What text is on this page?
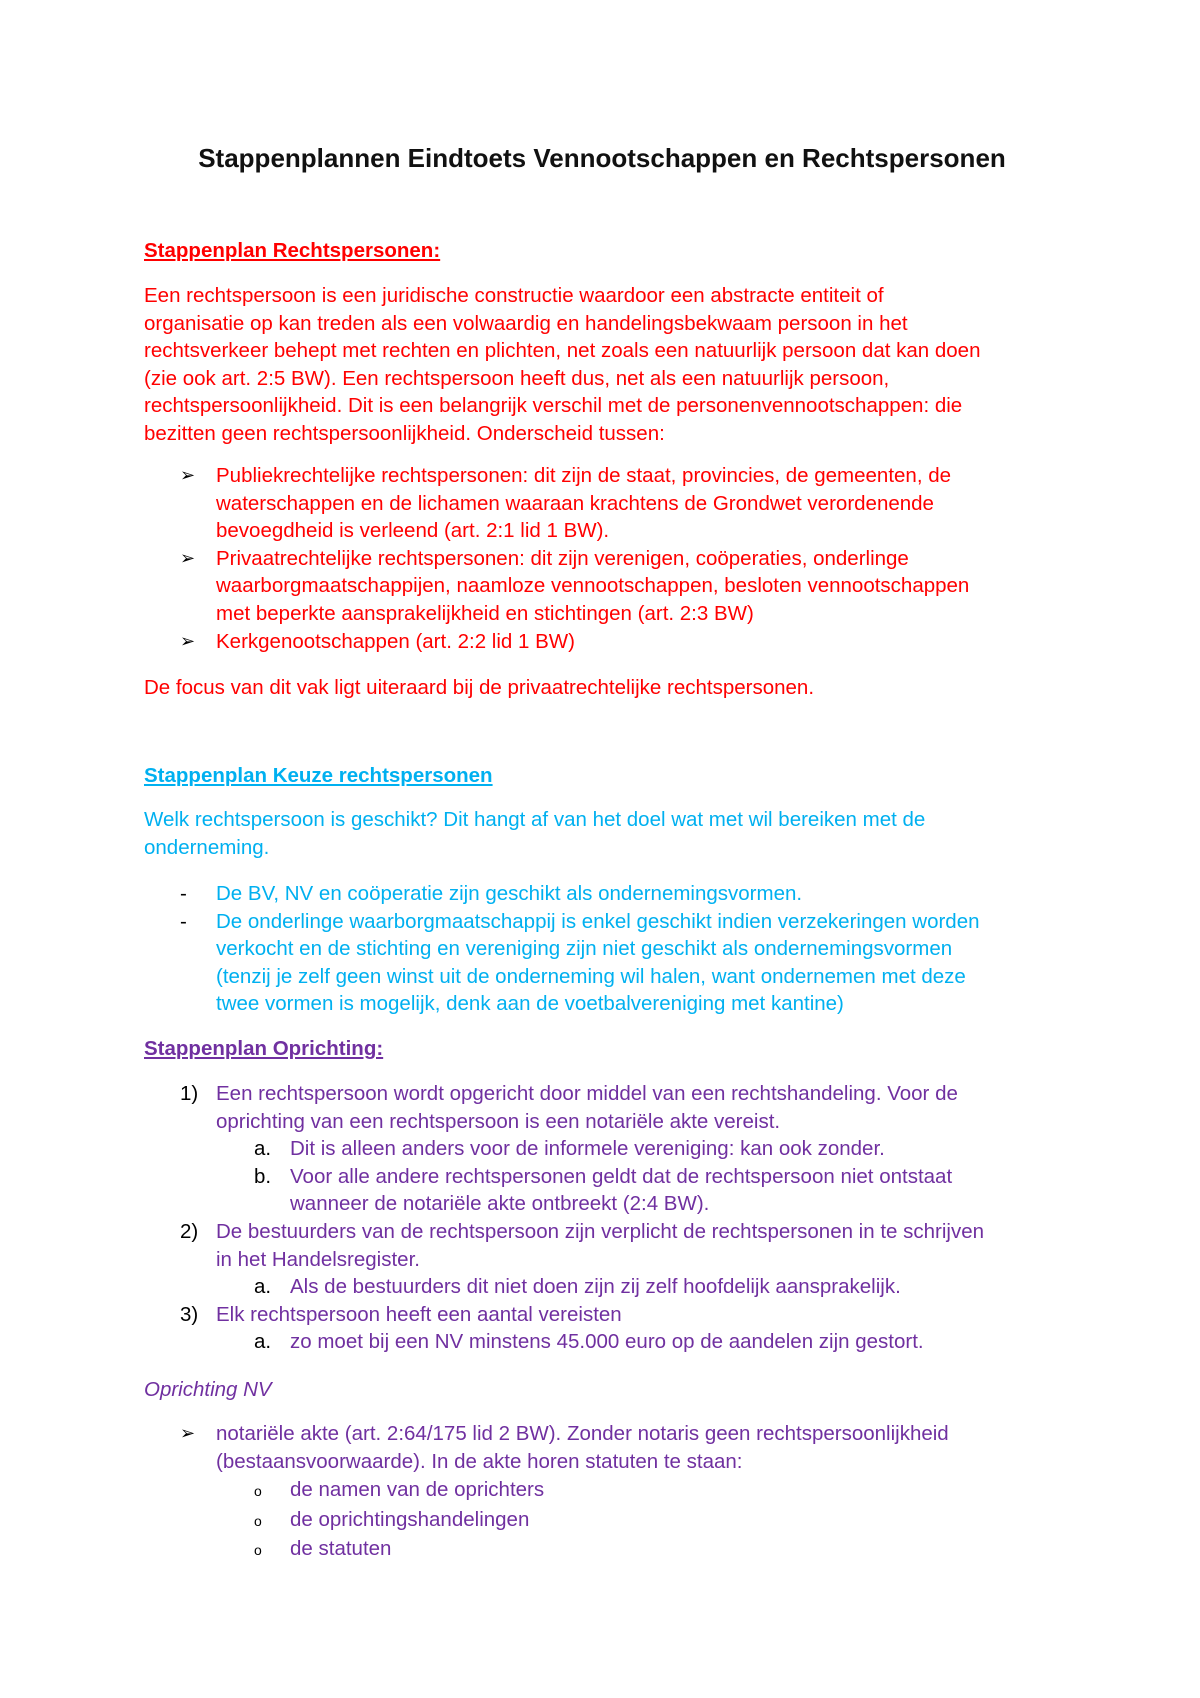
Stappenplannen Eindtoets Vennootschappen en Rechtspersonen

Stappenplan Rechtspersonen:

Een rechtspersoon is een juridische constructie waardoor een abstracte entiteit of

organisatie op kan treden als een volwaardig en handelingsbekwaam persoon in het

rechtsverkeer behept met rechten en plichten, net zoals een natuurlijk persoon dat kan doen

(zie ook art. 2:5 BW). Een rechtspersoon heeft dus, net als een natuurlijk persoon,

rechtspersoonlijkheid. Dit is een belangrijk verschil met de personenvennootschappen: die

bezitten geen rechtspersoonlijkheid. Onderscheid tussen:

➢ Publiekrechtelijke rechtspersonen: dit zijn de staat, provincies, de gemeenten, de
waterschappen en de lichamen waaraan krachtens de Grondwet verordenende
bevoegdheid is verleend (art. 2:1 lid 1 BW).
➢ Privaatrechtelijke rechtspersonen: dit zijn verenigen, coöperaties, onderlinge
waarborgmaatschappijen, naamloze vennootschappen, besloten vennootschappen
met beperkte aansprakelijkheid en stichtingen (art. 2:3 BW)
➢ Kerkgenootschappen (art. 2:2 lid 1 BW)

De focus van dit vak ligt uiteraard bij de privaatrechtelijke rechtspersonen.

Stappenplan Keuze rechtspersonen

Welk rechtspersoon is geschikt? Dit hangt af van het doel wat met wil bereiken met de

onderneming.

- De BV, NV en coöperatie zijn geschikt als ondernemingsvormen.
- De onderlinge waarborgmaatschappij is enkel geschikt indien verzekeringen worden
verkocht en de stichting en vereniging zijn niet geschikt als ondernemingsvormen
(tenzij je zelf geen winst uit de onderneming wil halen, want ondernemen met deze
twee vormen is mogelijk, denk aan de voetbalvereniging met kantine)

Stappenplan Oprichting:

1) Een rechtspersoon wordt opgericht door middel van een rechtshandeling. Voor de
oprichting van een rechtspersoon is een notariële akte vereist.
a. Dit is alleen anders voor de informele vereniging: kan ook zonder.
b. Voor alle andere rechtspersonen geldt dat de rechtspersoon niet ontstaat
wanneer de notariële akte ontbreekt (2:4 BW).
2) De bestuurders van de rechtspersoon zijn verplicht de rechtspersonen in te schrijven
in het Handelsregister.
a. Als de bestuurders dit niet doen zijn zij zelf hoofdelijk aansprakelijk.
3) Elk rechtspersoon heeft een aantal vereisten
a. zo moet bij een NV minstens 45.000 euro op de aandelen zijn gestort.

Oprichting NV

➢ notariële akte (art. 2:64/175 lid 2 BW). Zonder notaris geen rechtspersoonlijkheid
(bestaansvoorwaarde). In de akte horen statuten te staan:
o de namen van de oprichters
o de oprichtingshandelingen
o de statuten
